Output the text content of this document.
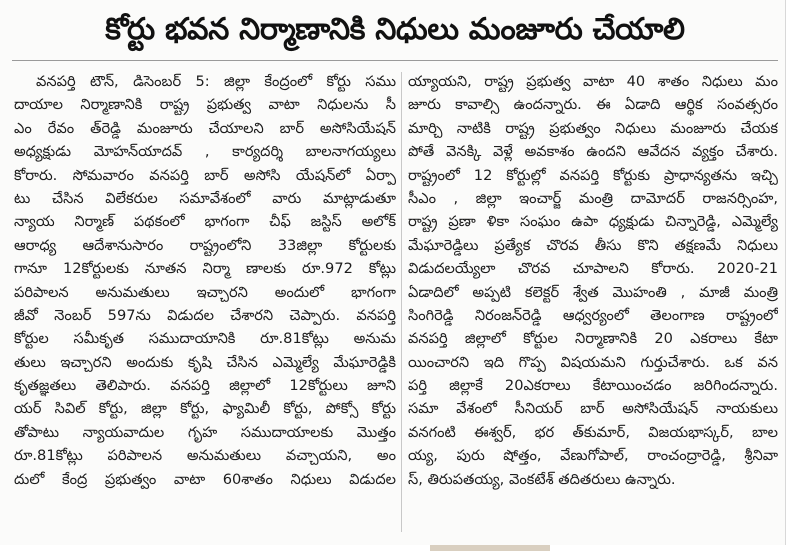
కోర్టు భవన నిర్మాణానికి నిధులు మంజూరు చేయాలి
వనపర్తి టౌన్, డిసెంబర్ 5: జిల్లా కేంద్రంలో కోర్టు సము
దాయాల నిర్మాణానికి రాష్ట్ర ప్రభుత్వ వాటా నిధులను సీ
ఎం రేవం త్‌రెడ్డి మంజూరు చేయాలని బార్ అసోసియేషన్
అధ్యక్షుడు మోహన్‌యాదవ్ , కార్యదర్శి బాలనాగయ్యలు
కోరారు. సోమవారం వనపర్తి బార్ అసోసి యేషన్‌లో ఏర్పా
టు చేసిన విలేకరుల సమావేశంలో వారు మాట్లాడుతూ
న్యాయ నిర్మాణ్ పథకంలో భాగంగా చీఫ్ జస్టిస్ అలోక్
ఆరాధ్య ఆదేశానుసారం రాష్ట్రంలోని 33జిల్లా కోర్టులకు
గానూ 12కోర్టులకు నూతన నిర్మా ణాలకు రూ.972 కోట్లు
పరిపాలన అనుమతులు ఇచ్చారని అందులో భాగంగా
జీవో నెంబర్ 597ను విడుదల చేశారని చెప్పారు. వనపర్తి
కోర్టుల సమీకృత సముదాయానికి రూ.81కోట్లు అనుమ
తులు ఇచ్చారని అందుకు కృషి చేసిన ఎమ్మెల్యే మేఘారెడ్డికి
కృతజ్ఞతలు తెలిపారు. వనపర్తి జిల్లాలో 12కోర్టులు జూని
యర్ సివిల్ కోర్టు, జిల్లా కోర్టు, ఫ్యామిలీ కోర్టు, పోక్సో కోర్టు
తోపాటు న్యాయవాదుల గృహ సముదాయాలకు మొత్తం
రూ.81కోట్లు పరిపాలన అనుమతులు వచ్చాయని, అం
దులో కేంద్ర ప్రభుత్వం వాటా 60శాతం నిధులు విడుదల
య్యాయని, రాష్ట్ర ప్రభుత్వ వాటా 40 శాతం నిధులు మం
జూరు కావాల్సి ఉందన్నారు. ఈ ఏడాది ఆర్థిక సంవత్సరం
మార్చి నాటికి రాష్ట్ర ప్రభుత్వం నిధులు మంజూరు చేయక
పోతే వెనక్కి వెళ్లే అవకాశం ఉందని ఆవేదన వ్యక్తం చేశారు.
రాష్ట్రంలో 12 కోర్టుల్లో వనపర్తి కోర్టుకు ప్రాధాన్యతను ఇచ్చి
సీఎం , జిల్లా ఇంచార్జ్ మంత్రి దామోదర్ రాజనర్సింహ,
రాష్ట్ర ప్రణా ళికా సంఘం ఉపా ధ్యక్షుడు చిన్నారెడ్డి, ఎమ్మెల్యే
మేఘారెడ్డిలు ప్రత్యేక చొరవ తీసు కొని తక్షణమే నిధులు
విడుదలయ్యేలా చొరవ చూపాలని కోరారు. 2020-21
ఏడాదిలో అప్పటి కలెక్టర్ శ్వేత మొహంతి , మాజీ మంత్రి
సింగిరెడ్డి నిరంజన్‌రెడ్డి ఆధ్వర్యంలో తెలంగాణ రాష్ట్రంలో
వనపర్తి జిల్లాలో కోర్టుల నిర్మాణానికి 20 ఎకరాలు కేటా
యించారని ఇది గొప్ప విషయమని గుర్తుచేశారు. ఒక వన
పర్తి జిల్లాకే 20ఎకరాలు కేటాయించడం జరిగిందన్నారు.
సమా వేశంలో సీనియర్ బార్ అసోసియేషన్ నాయకులు
వనగంటి ఈశ్వర్, భర త్‌కుమార్, విజయభాస్కర్, బాల
య్య, పురు షోత్తం, వేణుగోపాల్, రాంచంద్రారెడ్డి, శ్రీనివా
స్, తిరుపతయ్య, వెంకటేశ్ తదితరులు ఉన్నారు.
